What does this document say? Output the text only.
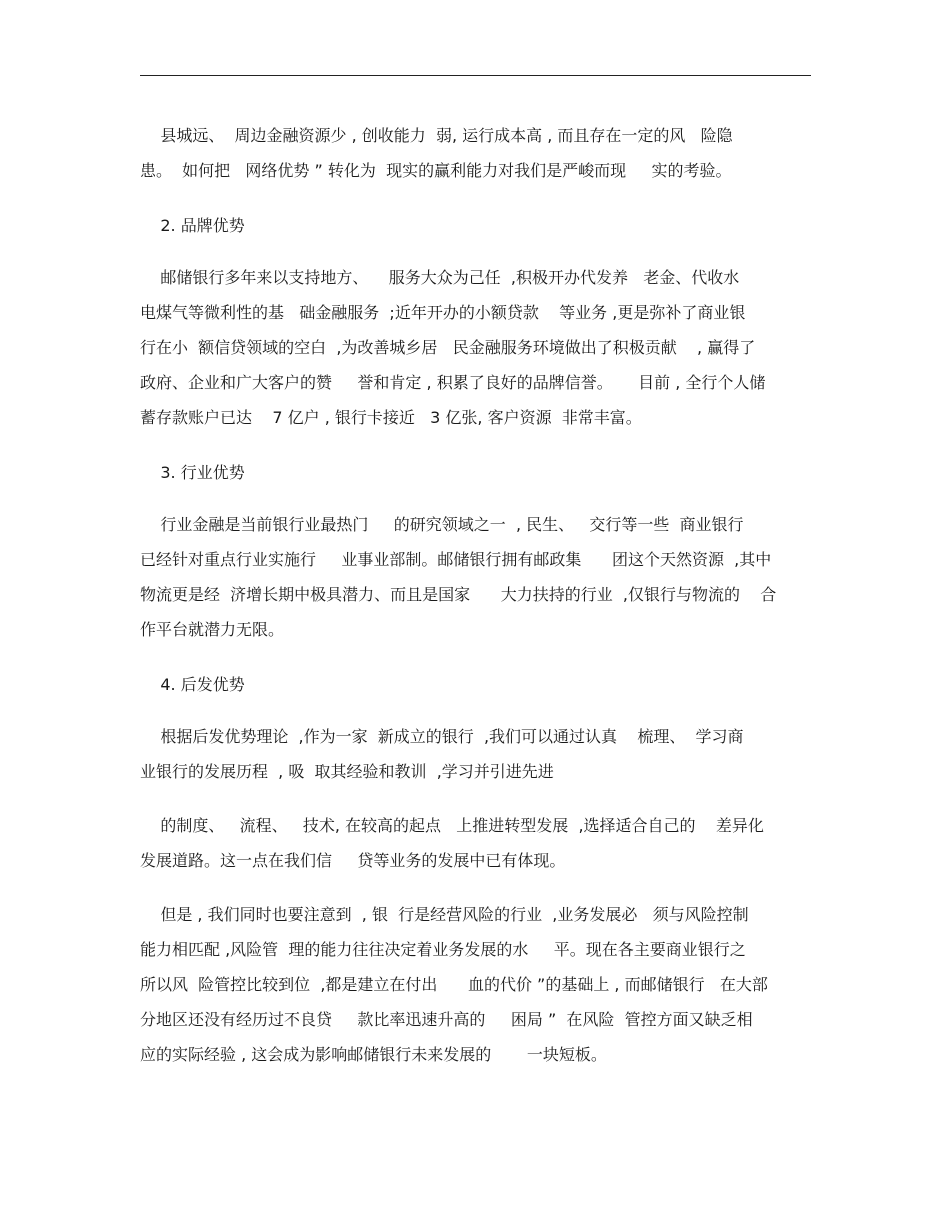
县城远、  周边金融资源少 , 创收能力  弱, 运行成本高 , 而且存在一定的风   险隐

患。  如何把   网络优势 ” 转化为  现实的赢利能力对我们是严峻而现     实的考验。

2. 品牌优势

邮储银行多年来以支持地方、    服务大众为己任  ,积极开办代发养   老金、代收水

电煤气等微利性的基   础金融服务  ;近年开办的小额贷款    等业务 ,更是弥补了商业银

行在小  额信贷领域的空白  ,为改善城乡居   民金融服务环境做出了积极贡献    , 赢得了

政府、企业和广大客户的赞     誉和肯定 , 积累了良好的品牌信誉。     目前 , 全行个人储

蓄存款账户已达    7 亿户 , 银行卡接近   3 亿张, 客户资源  非常丰富。

3. 行业优势

行业金融是当前银行业最热门     的研究领域之一  , 民生、   交行等一些  商业银行

已经针对重点行业实施行     业事业部制。邮储银行拥有邮政集      团这个天然资源  ,其中

物流更是经  济增长期中极具潜力、而且是国家      大力扶持的行业  ,仅银行与物流的    合

作平台就潜力无限。

4. 后发优势

根据后发优势理论  ,作为一家  新成立的银行  ,我们可以通过认真    梳理、  学习商

业银行的发展历程  , 吸  取其经验和教训  ,学习并引进先进

的制度、   流程、   技术, 在较高的起点   上推进转型发展  ,选择适合自己的    差异化

发展道路。这一点在我们信     贷等业务的发展中已有体现。

但是 , 我们同时也要注意到  , 银  行是经营风险的行业  ,业务发展必   须与风险控制

能力相匹配 ,风险管  理的能力往往决定着业务发展的水     平。现在各主要商业银行之

所以风  险管控比较到位  ,都是建立在付出      血的代价 ”的基础上 , 而邮储银行   在大部

分地区还没有经历过不良贷     款比率迅速升高的     困局 ”  在风险  管控方面又缺乏相

应的实际经验 , 这会成为影响邮储银行未来发展的       一块短板。
